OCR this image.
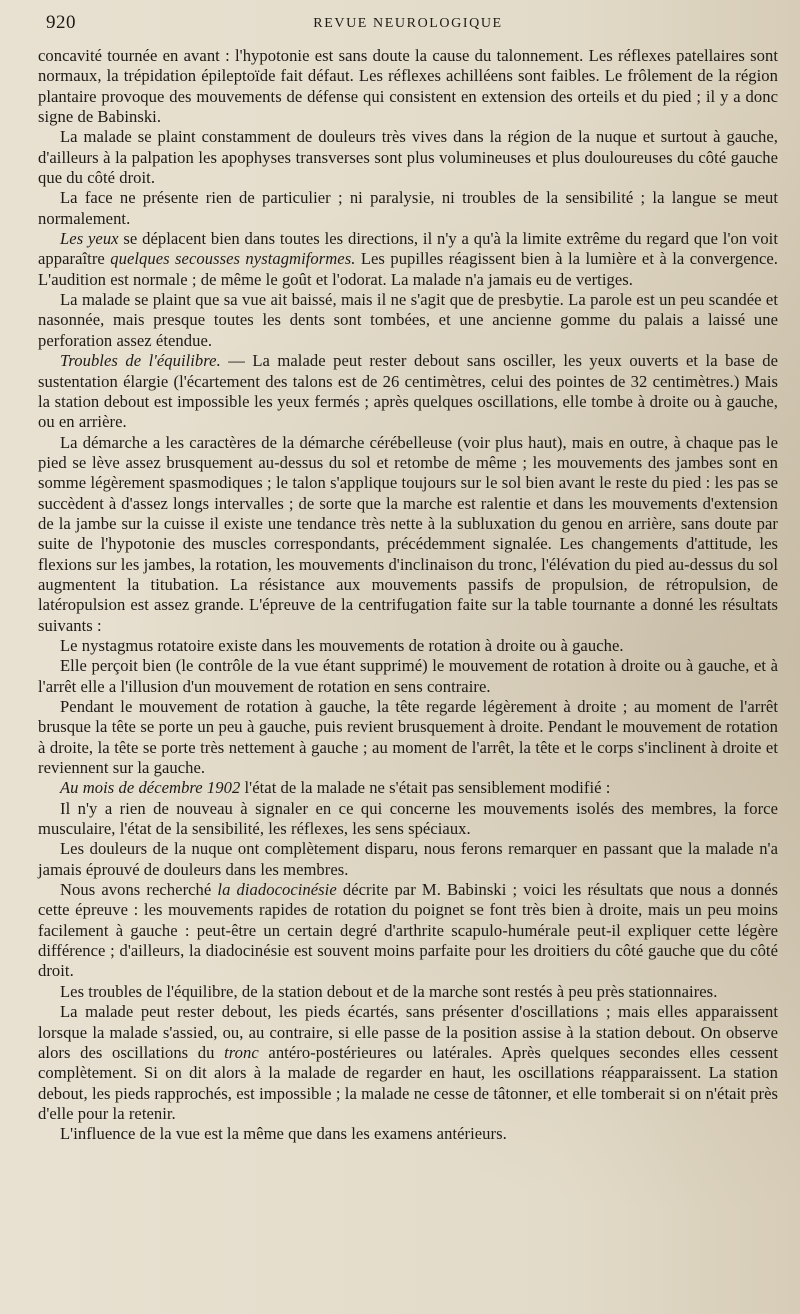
920	REVUE NEUROLOGIQUE

concavité tournée en avant : l'hypotonie est sans doute la cause du talonnement. Les réflexes patellaires sont normaux, la trépidation épileptoïde fait défaut. Les réflexes achilléens sont faibles. Le frôlement de la région plantaire provoque des mouvements de défense qui consistent en extension des orteils et du pied ; il y a donc signe de Babinski.

La malade se plaint constamment de douleurs très vives dans la région de la nuque et surtout à gauche, d'ailleurs à la palpation les apophyses transverses sont plus volumineuses et plus douloureuses du côté gauche que du côté droit.

La face ne présente rien de particulier ; ni paralysie, ni troubles de la sensibilité ; la langue se meut normalement.

Les yeux se déplacent bien dans toutes les directions, il n'y a qu'à la limite extrême du regard que l'on voit apparaître quelques secousses nystagmiformes. Les pupilles réagissent bien à la lumière et à la convergence. L'audition est normale ; de même le goût et l'odorat. La malade n'a jamais eu de vertiges.

La malade se plaint que sa vue ait baissé, mais il ne s'agit que de presbytie. La parole est un peu scandée et nasonnée, mais presque toutes les dents sont tombées, et une ancienne gomme du palais a laissé une perforation assez étendue.

Troubles de l'équilibre. — La malade peut rester debout sans osciller, les yeux ouverts et la base de sustentation élargie (l'écartement des talons est de 26 centimètres, celui des pointes de 32 centimètres.) Mais la station debout est impossible les yeux fermés ; après quelques oscillations, elle tombe à droite ou à gauche, ou en arrière.

La démarche a les caractères de la démarche cérébelleuse (voir plus haut), mais en outre, à chaque pas le pied se lève assez brusquement au-dessus du sol et retombe de même ; les mouvements des jambes sont en somme légèrement spasmodiques ; le talon s'applique toujours sur le sol bien avant le reste du pied : les pas se succèdent à d'assez longs intervalles ; de sorte que la marche est ralentie et dans les mouvements d'extension de la jambe sur la cuisse il existe une tendance très nette à la subluxation du genou en arrière, sans doute par suite de l'hypotonie des muscles correspondants, précédemment signalée. Les changements d'attitude, les flexions sur les jambes, la rotation, les mouvements d'inclinaison du tronc, l'élévation du pied au-dessus du sol augmentent la titubation. La résistance aux mouvements passifs de propulsion, de rétropulsion, de latéropulsion est assez grande. L'épreuve de la centrifugation faite sur la table tournante a donné les résultats suivants :

Le nystagmus rotatoire existe dans les mouvements de rotation à droite ou à gauche.

Elle perçoit bien (le contrôle de la vue étant supprimé) le mouvement de rotation à droite ou à gauche, et à l'arrêt elle a l'illusion d'un mouvement de rotation en sens contraire.

Pendant le mouvement de rotation à gauche, la tête regarde légèrement à droite ; au moment de l'arrêt brusque la tête se porte un peu à gauche, puis revient brusquement à droite. Pendant le mouvement de rotation à droite, la tête se porte très nettement à gauche ; au moment de l'arrêt, la tête et le corps s'inclinent à droite et reviennent sur la gauche.

Au mois de décembre 1902 l'état de la malade ne s'était pas sensiblement modifié :

Il n'y a rien de nouveau à signaler en ce qui concerne les mouvements isolés des membres, la force musculaire, l'état de la sensibilité, les réflexes, les sens spéciaux.

Les douleurs de la nuque ont complètement disparu, nous ferons remarquer en passant que la malade n'a jamais éprouvé de douleurs dans les membres.

Nous avons recherché la diadococinésie décrite par M. Babinski ; voici les résultats que nous a donnés cette épreuve : les mouvements rapides de rotation du poignet se font très bien à droite, mais un peu moins facilement à gauche : peut-être un certain degré d'arthrite scapulo-humérale peut-il expliquer cette légère différence ; d'ailleurs, la diadocinésie est souvent moins parfaite pour les droitiers du côté gauche que du côté droit.

Les troubles de l'équilibre, de la station debout et de la marche sont restés à peu près stationnaires.

La malade peut rester debout, les pieds écartés, sans présenter d'oscillations ; mais elles apparaissent lorsque la malade s'assied, ou, au contraire, si elle passe de la position assise à la station debout. On observe alors des oscillations du tronc antéro-postérieures ou latérales. Après quelques secondes elles cessent complètement. Si on dit alors à la malade de regarder en haut, les oscillations réapparaissent. La station debout, les pieds rapprochés, est impossible ; la malade ne cesse de tâtonner, et elle tomberait si on n'était près d'elle pour la retenir.

L'influence de la vue est la même que dans les examens antérieurs.
